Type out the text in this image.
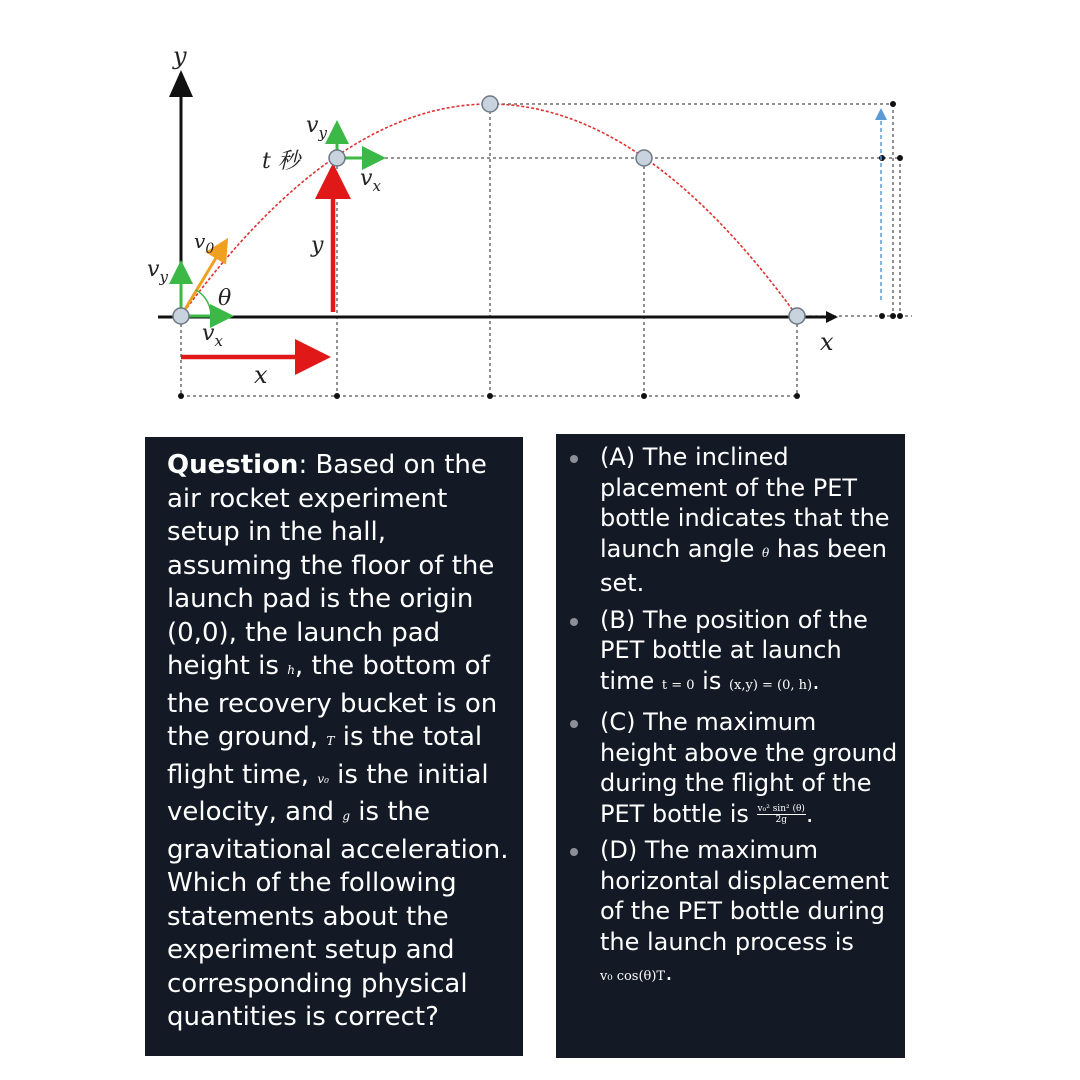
y
x
$v_y$
t 秒
$v_x$
$v_0$	y
$v_y$
θ
$v_x$
x
Question: Based on the air rocket experiment setup in the hall, assuming the floor of the launch pad is the origin (0,0), the launch pad height is h, the bottom of the recovery bucket is on the ground, T is the total flight time, v₀ is the initial velocity, and g is the gravitational acceleration. Which of the following statements about the experiment setup and corresponding physical quantities is correct?
(A) The inclined placement of the PET bottle indicates that the launch angle θ has been set.
(B) The position of the PET bottle at launch time t = 0 is (x,y) = (0, h).
(C) The maximum height above the ground during the flight of the PET bottle is $\frac{\text{v₀² sin² (θ)}}{2g}$ .
(D) The maximum horizontal displacement of the PET bottle during the launch process is
v₀ cos(θ)T.
